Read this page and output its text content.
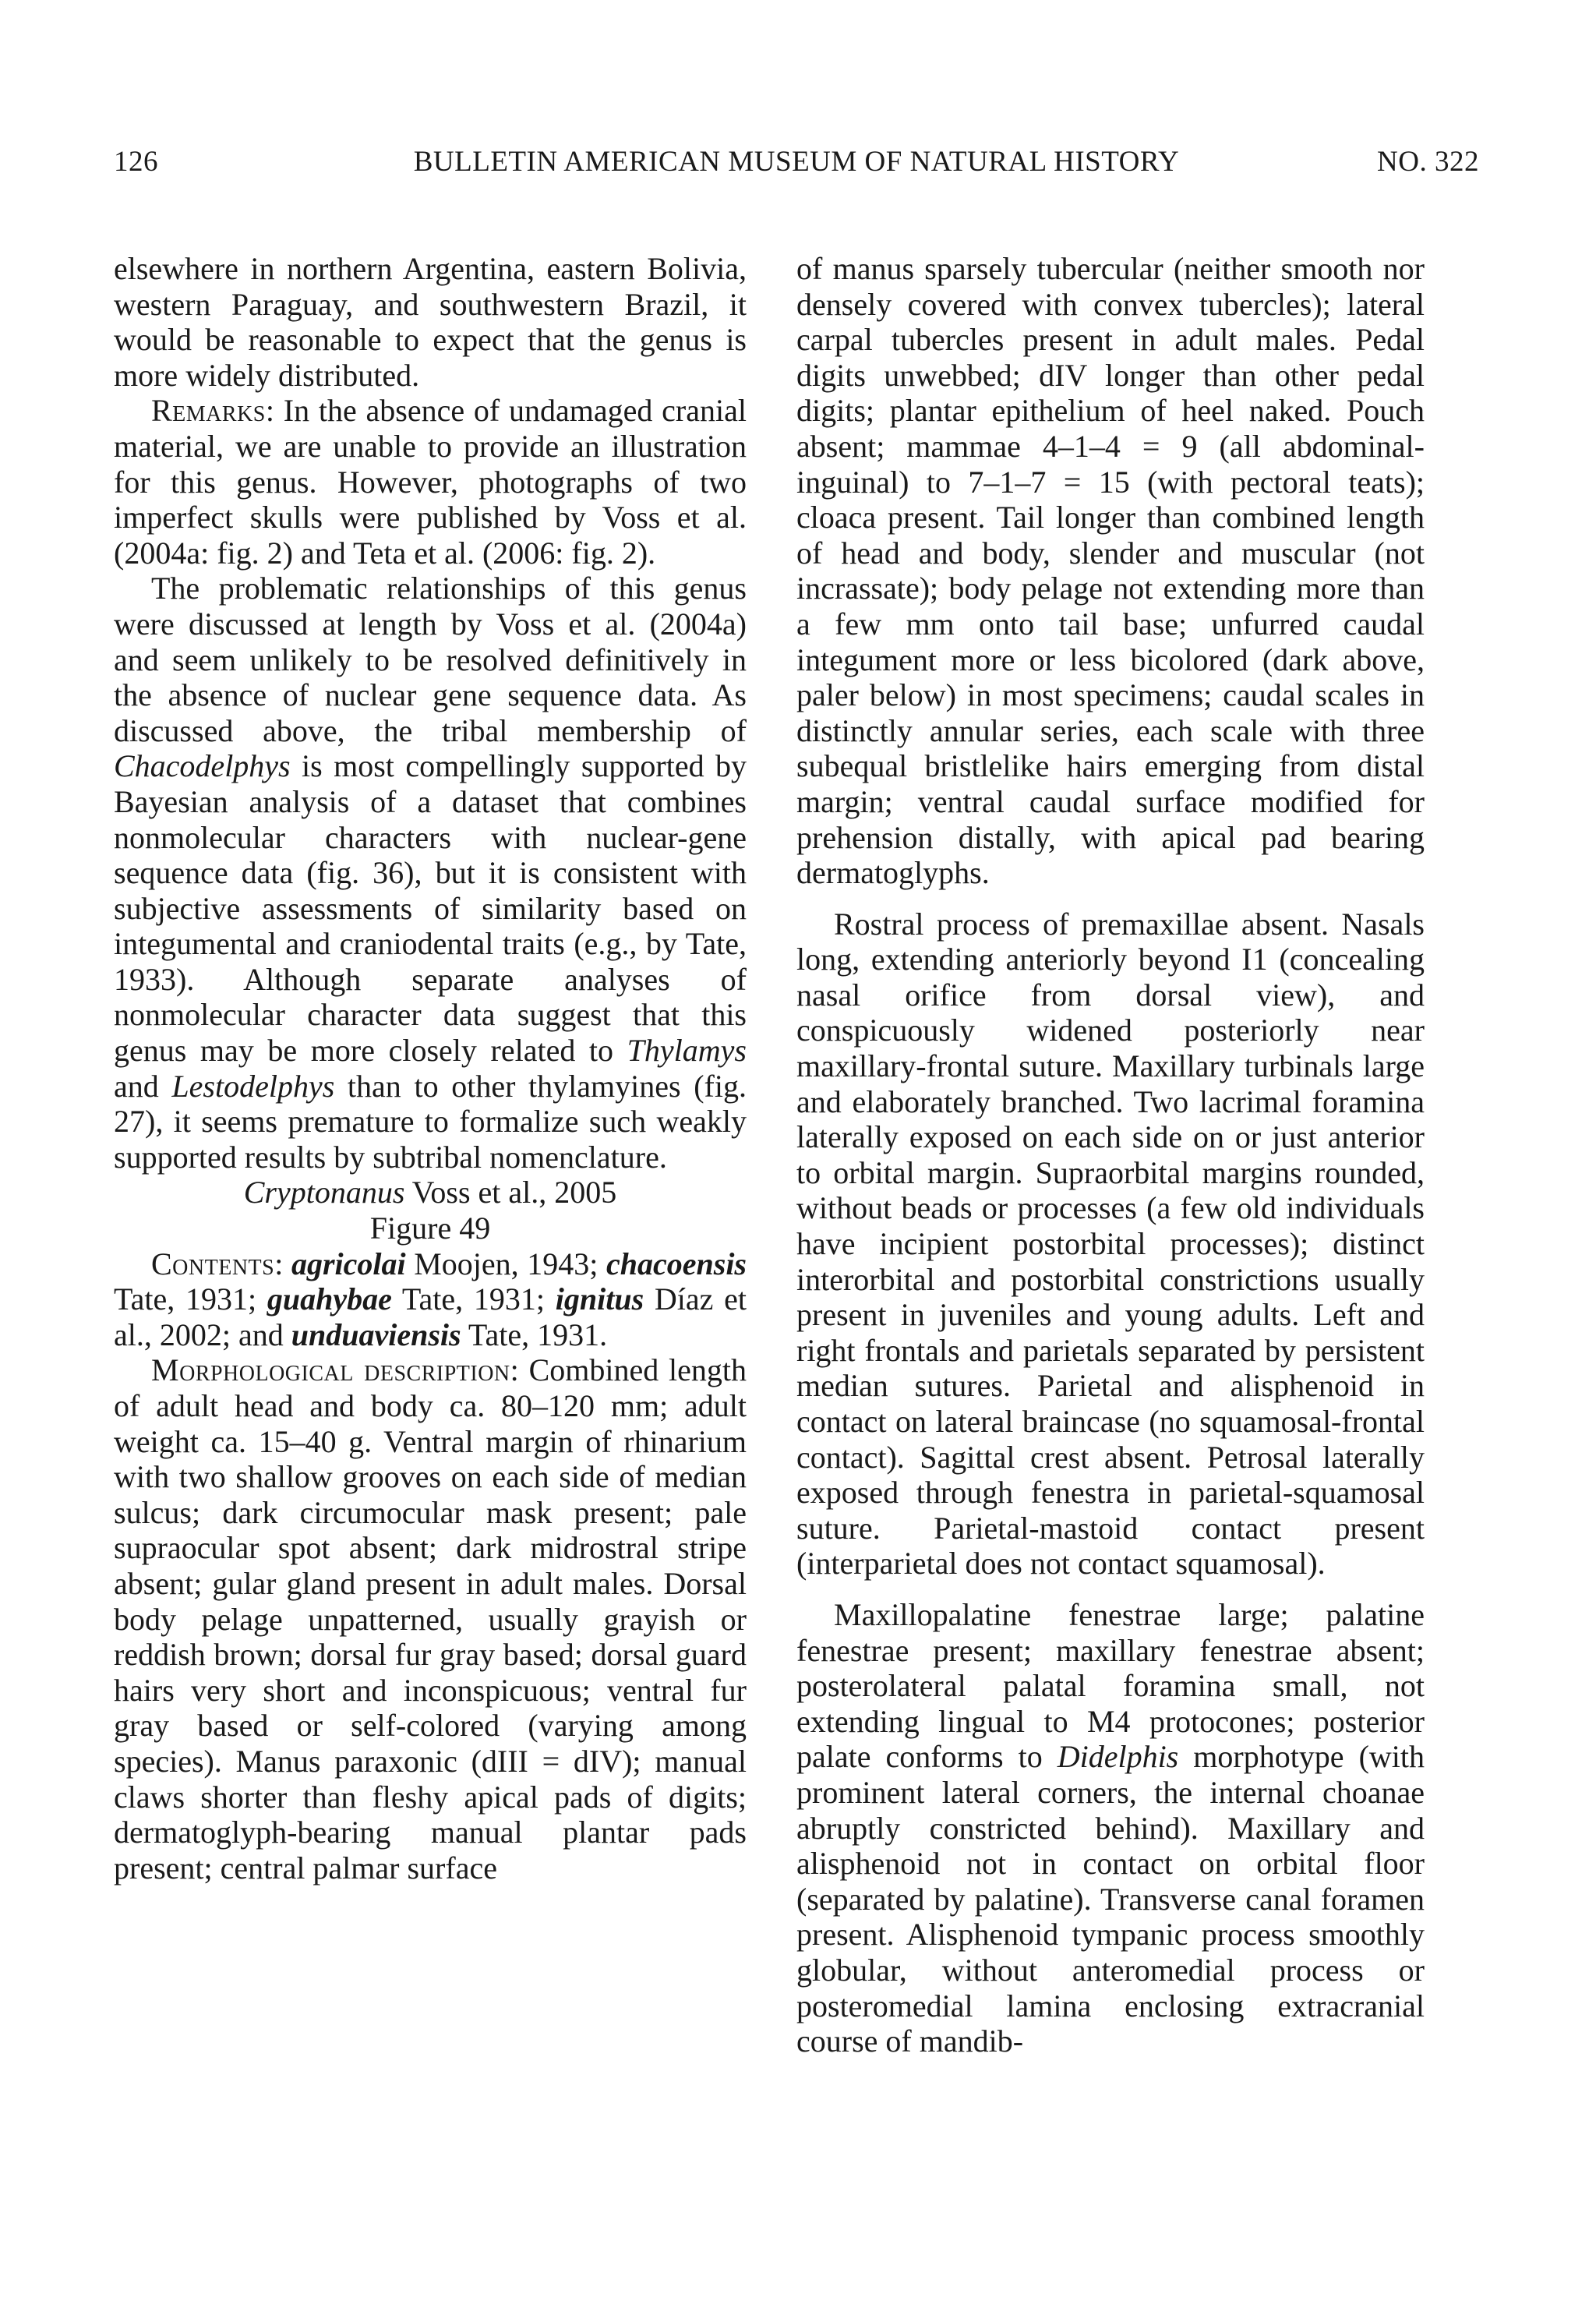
126	BULLETIN AMERICAN MUSEUM OF NATURAL HISTORY	NO. 322

elsewhere in northern Argentina, eastern Bolivia, western Paraguay, and southwestern Brazil, it would be reasonable to expect that the genus is more widely distributed.

Remarks: In the absence of undamaged cranial material, we are unable to provide an illustration for this genus. However, photographs of two imperfect skulls were published by Voss et al. (2004a: fig. 2) and Teta et al. (2006: fig. 2).

The problematic relationships of this genus were discussed at length by Voss et al. (2004a) and seem unlikely to be resolved definitively in the absence of nuclear gene sequence data. As discussed above, the tribal membership of Chacodelphys is most compellingly supported by Bayesian analysis of a dataset that combines nonmolecular characters with nuclear-gene sequence data (fig. 36), but it is consistent with subjective assessments of similarity based on integumental and craniodental traits (e.g., by Tate, 1933). Although separate analyses of nonmolecular character data suggest that this genus may be more closely related to Thylamys and Lestodelphys than to other thylamyines (fig. 27), it seems premature to formalize such weakly supported results by subtribal nomenclature.

Cryptonanus Voss et al., 2005

Figure 49

Contents: agricolai Moojen, 1943; chacoensis Tate, 1931; guahybae Tate, 1931; ignitus Díaz et al., 2002; and unduaviensis Tate, 1931.

Morphological description: Combined length of adult head and body ca. 80–120 mm; adult weight ca. 15–40 g. Ventral margin of rhinarium with two shallow grooves on each side of median sulcus; dark circumocular mask present; pale supraocular spot absent; dark midrostral stripe absent; gular gland present in adult males. Dorsal body pelage unpatterned, usually grayish or reddish brown; dorsal fur gray based; dorsal guard hairs very short and inconspicuous; ventral fur gray based or self-colored (varying among species). Manus paraxonic (dIII = dIV); manual claws shorter than fleshy apical pads of digits; dermatoglyph-bearing manual plantar pads present; central palmar surface

of manus sparsely tubercular (neither smooth nor densely covered with convex tubercles); lateral carpal tubercles present in adult males. Pedal digits unwebbed; dIV longer than other pedal digits; plantar epithelium of heel naked. Pouch absent; mammae 4–1–4 = 9 (all abdominal-inguinal) to 7–1–7 = 15 (with pectoral teats); cloaca present. Tail longer than combined length of head and body, slender and muscular (not incrassate); body pelage not extending more than a few mm onto tail base; unfurred caudal integument more or less bicolored (dark above, paler below) in most specimens; caudal scales in distinctly annular series, each scale with three subequal bristlelike hairs emerging from distal margin; ventral caudal surface modified for prehension distally, with apical pad bearing dermatoglyphs.

Rostral process of premaxillae absent. Nasals long, extending anteriorly beyond I1 (concealing nasal orifice from dorsal view), and conspicuously widened posteriorly near maxillary-frontal suture. Maxillary turbinals large and elaborately branched. Two lacrimal foramina laterally exposed on each side on or just anterior to orbital margin. Supraorbital margins rounded, without beads or processes (a few old individuals have incipient postorbital processes); distinct interorbital and postorbital constrictions usually present in juveniles and young adults. Left and right frontals and parietals separated by persistent median sutures. Parietal and alisphenoid in contact on lateral braincase (no squamosal-frontal contact). Sagittal crest absent. Petrosal laterally exposed through fenestra in parietal-squamosal suture. Parietal-mastoid contact present (interparietal does not contact squamosal).

Maxillopalatine fenestrae large; palatine fenestrae present; maxillary fenestrae absent; posterolateral palatal foramina small, not extending lingual to M4 protocones; posterior palate conforms to Didelphis morphotype (with prominent lateral corners, the internal choanae abruptly constricted behind). Maxillary and alisphenoid not in contact on orbital floor (separated by palatine). Transverse canal foramen present. Alisphenoid tympanic process smoothly globular, without anteromedial process or posteromedial lamina enclosing extracranial course of mandib-
